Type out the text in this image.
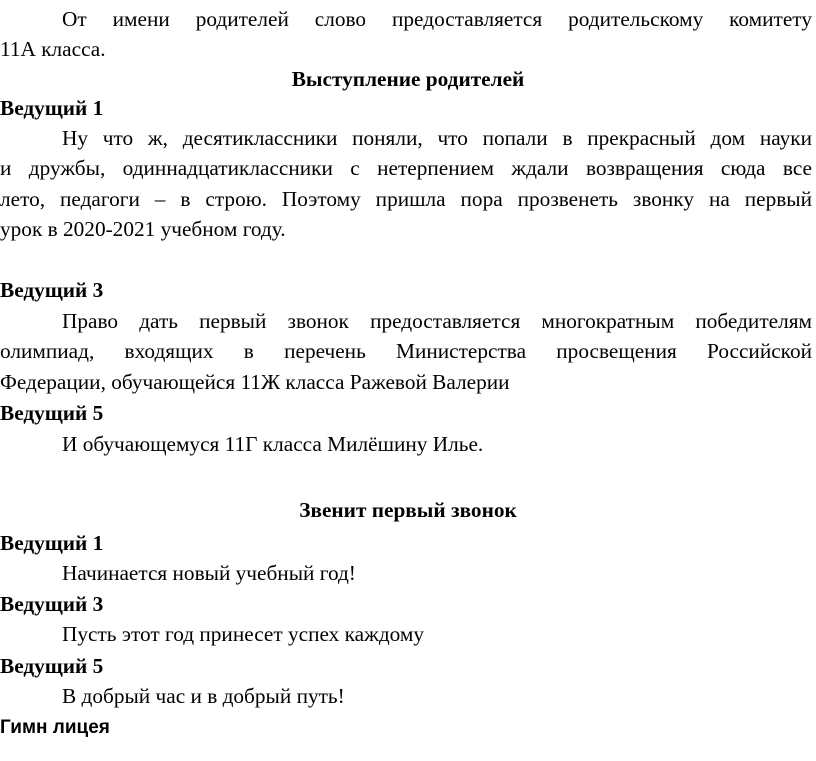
От имени родителей слово предоставляется родительскому комитету
11А класса.
Выступление родителей
Ведущий 1
Ну что ж, десятиклассники поняли, что попали в прекрасный дом науки
и дружбы, одиннадцатиклассники с нетерпением ждали возвращения сюда все
лето, педагоги – в строю. Поэтому пришла пора прозвенеть звонку на первый
урок в 2020-2021 учебном году.
Ведущий 3
Право дать первый звонок предоставляется многократным победителям
олимпиад, входящих в перечень Министерства просвещения Российской
Федерации, обучающейся 11Ж класса Ражевой Валерии
Ведущий 5
И обучающемуся 11Г класса Милёшину Илье.
Звенит первый звонок
Ведущий 1
Начинается новый учебный год!
Ведущий 3
Пусть этот год принесет успех каждому
Ведущий 5
В добрый час и в добрый путь!
Гимн лицея
